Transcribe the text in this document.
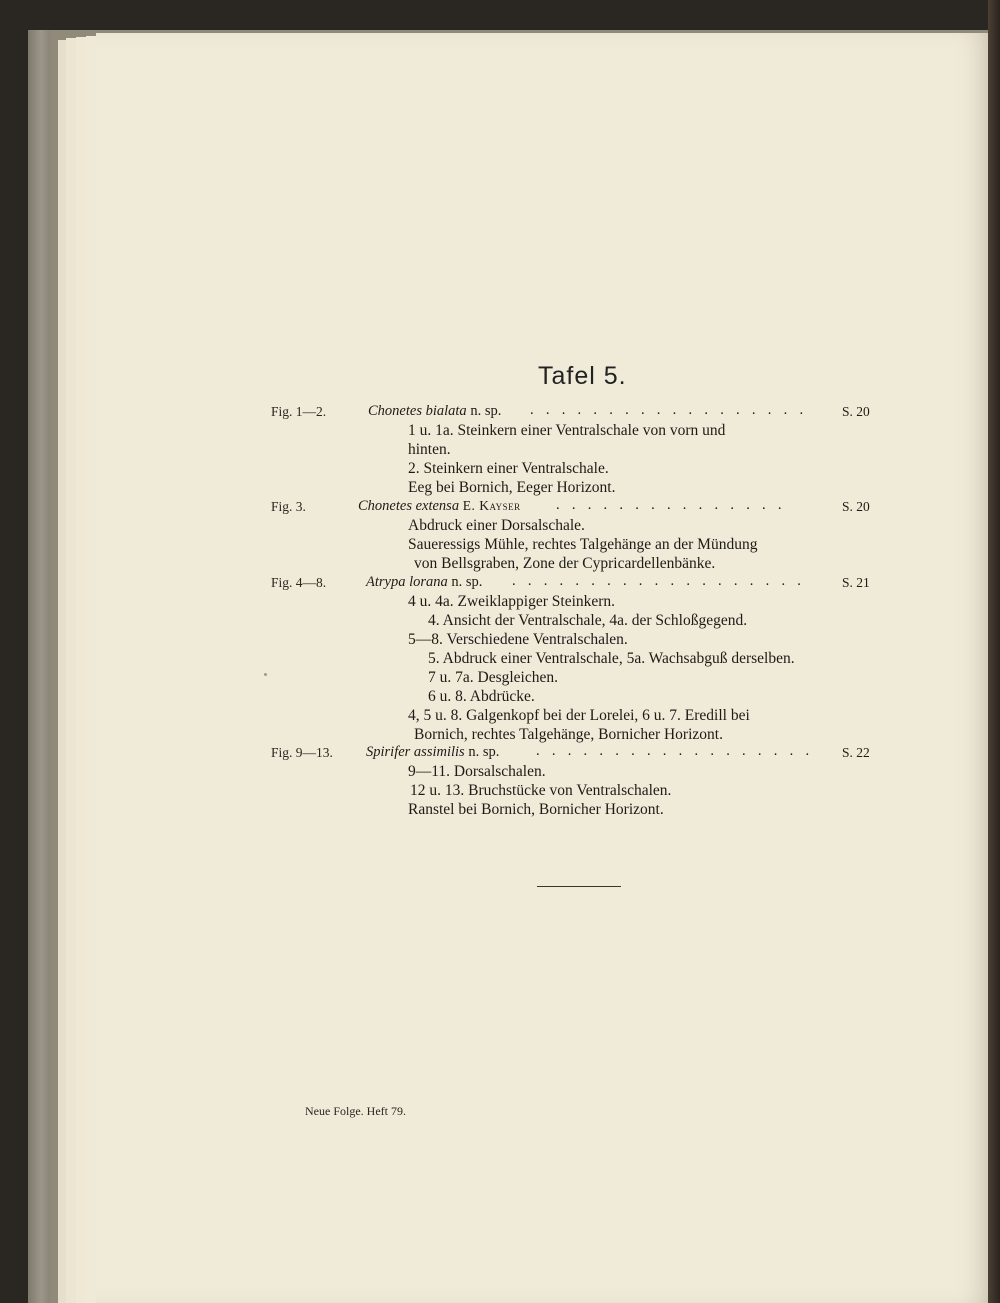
Tafel 5.
Fig. 1—2.	Chonetes bialata n. sp. . . . . . . . . . . . . . . . . . .	S. 20
1 u. 1a. Steinkern einer Ventralschale von vorn und
hinten.
2. Steinkern einer Ventralschale.
Eeg bei Bornich, Eeger Horizont.
Fig. 3.	Chonetes extensa E. Kayser . . . . . . . . . . . . . . .	S. 20
Abdruck einer Dorsalschale.
Saueressigs Mühle, rechtes Talgehänge an der Mündung
von Bellsgraben, Zone der Cypricardellenbänke.
Fig. 4—8.	Atrypa lorana n. sp. . . . . . . . . . . . . . . . . . . .	S. 21
4 u. 4a. Zweiklappiger Steinkern.
4. Ansicht der Ventralschale, 4a. der Schloßgegend.
5—8. Verschiedene Ventralschalen.
5. Abdruck einer Ventralschale, 5a. Wachsabguß derselben.
7 u. 7a. Desgleichen.
6 u. 8. Abdrücke.
4, 5 u. 8. Galgenkopf bei der Lorelei, 6 u. 7. Eredill bei
Bornich, rechtes Talgehänge, Bornicher Horizont.
Fig. 9—13. Spirifer assimilis n. sp.	. . . . . . . . . . . . . . . . . .	S. 22
9—11. Dorsalschalen.
12 u. 13. Bruchstücke von Ventralschalen.
Ranstel bei Bornich, Bornicher Horizont.
Neue Folge. Heft 79.
